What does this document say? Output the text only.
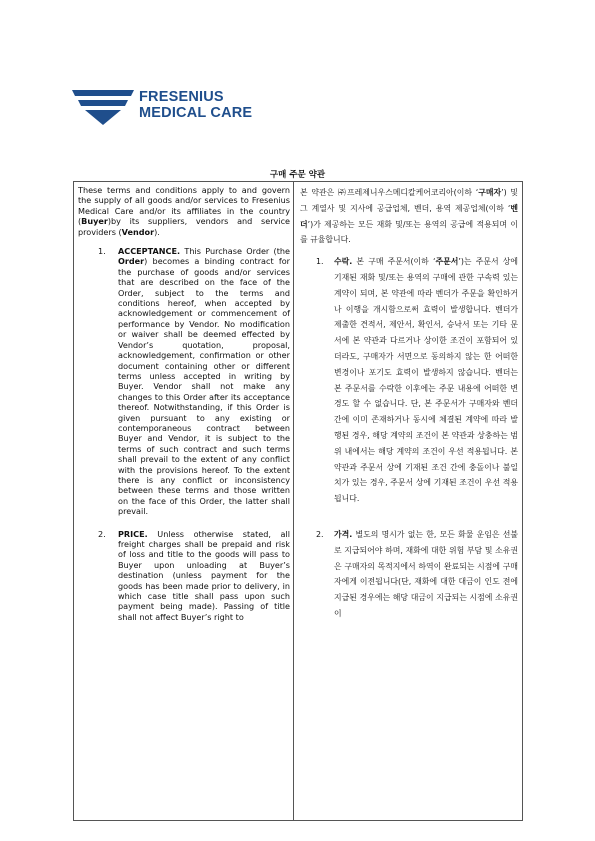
FRESENIUS
MEDICAL CARE
구매 주문 약관

These terms and conditions apply to and govern the supply of all goods and/or services to Fresenius Medical Care and/or its affiliates in the country (Buyer)by its suppliers, vendors and service providers (Vendor).

1. ACCEPTANCE. This Purchase Order (the Order) becomes a binding contract for the purchase of goods and/or services that are described on the face of the Order, subject to the terms and conditions hereof, when accepted by acknowledgement or commencement of performance by Vendor. No modification or waiver shall be deemed effected by Vendor’s quotation, proposal, acknowledgement, confirmation or other document containing other or different terms unless accepted in writing by Buyer. Vendor shall not make any changes to this Order after its acceptance thereof. Notwithstanding, if this Order is given pursuant to any existing or contemporaneous contract between Buyer and Vendor, it is subject to the terms of such contract and such terms shall prevail to the extent of any conflict with the provisions hereof. To the extent there is any conflict or inconsistency between these terms and those written on the face of this Order, the latter shall prevail.

2. PRICE. Unless otherwise stated, all freight charges shall be prepaid and risk of loss and title to the goods will pass to Buyer upon unloading at Buyer’s destination (unless payment for the goods has been made prior to delivery, in which case title shall pass upon such payment being made). Passing of title shall not affect Buyer’s right to

본 약관은 ㈜프레제니우스메디칼케어코리아(이하 ‘구매자’) 및 그 계열사 및 지사에 공급업체, 벤더, 용역 제공업체(이하 ‘벤더’)가 제공하는 모든 재화 및/또는 용역의 공급에 적용되며 이를 규율합니다.

1. 수락. 본 구매 주문서(이하 ‘주문서’)는 주문서 상에 기재된 재화 및/또는 용역의 구매에 관한 구속력 있는 계약이 되며, 본 약관에 따라 벤더가 주문을 확인하거나 이행을 개시함으로써 효력이 발생합니다. 벤더가 제출한 견적서, 제안서, 확인서, 승낙서 또는 기타 문서에 본 약관과 다르거나 상이한 조건이 포함되어 있더라도, 구매자가 서면으로 동의하지 않는 한 어떠한 변경이나 포기도 효력이 발생하지 않습니다. 벤더는 본 주문서를 수락한 이후에는 주문 내용에 어떠한 변경도 할 수 없습니다. 단, 본 주문서가 구매자와 벤더 간에 이미 존재하거나 동시에 체결된 계약에 따라 발행된 경우, 해당 계약의 조건이 본 약관과 상충하는 범위 내에서는 해당 계약의 조건이 우선 적용됩니다. 본 약관과 주문서 상에 기재된 조건 간에 충돌이나 불일치가 있는 경우, 주문서 상에 기재된 조건이 우선 적용됩니다.

2. 가격. 별도의 명시가 없는 한, 모든 화물 운임은 선불로 지급되어야 하며, 재화에 대한 위험 부담 및 소유권은 구매자의 목적지에서 하역이 완료되는 시점에 구매자에게 이전됩니다(단, 재화에 대한 대금이 인도 전에 지급된 경우에는 해당 대금이 지급되는 시점에 소유권이
